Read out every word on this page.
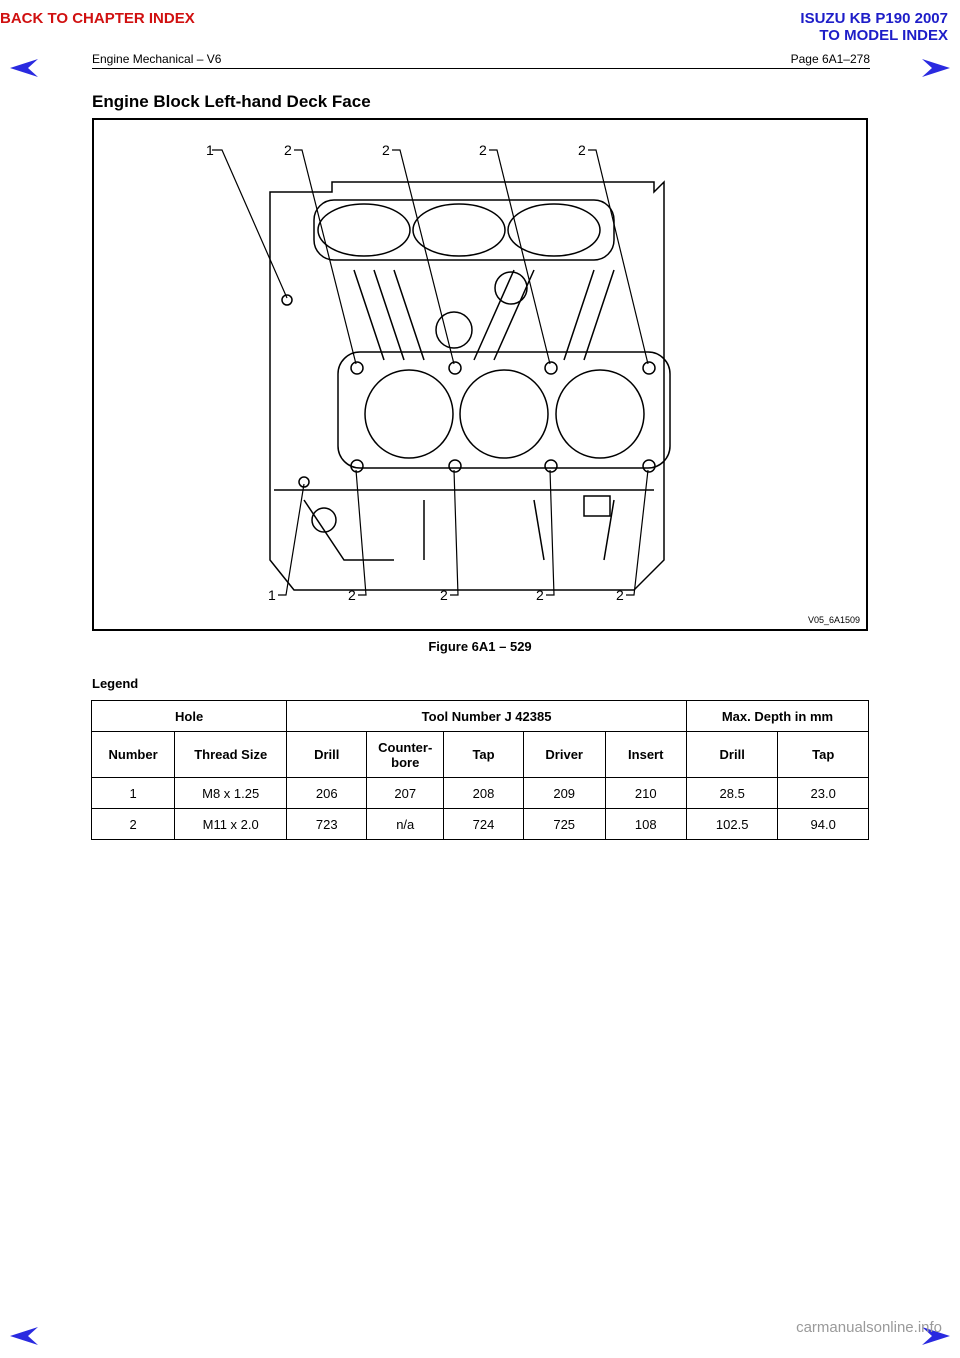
BACK TO CHAPTER INDEX	ISUZU KB P190 2007
TO MODEL INDEX
Engine Mechanical – V6	Page 6A1–278
Engine Block Left-hand Deck Face
1	2	2	2	2
1	2	2	2	2
V05_6A1509
Figure 6A1 – 529
Legend
Hole		Tool Number J 42385					Max. Depth in mm	
Number	Thread Size	Drill	Counter-bore	Tap	Driver	Insert	Drill	Tap
1	M8 x 1.25	206	207	208	209	210	28.5	23.0
2	M11 x 2.0	723	n/a	724	725	108	102.5	94.0
carmanualsonline.info
